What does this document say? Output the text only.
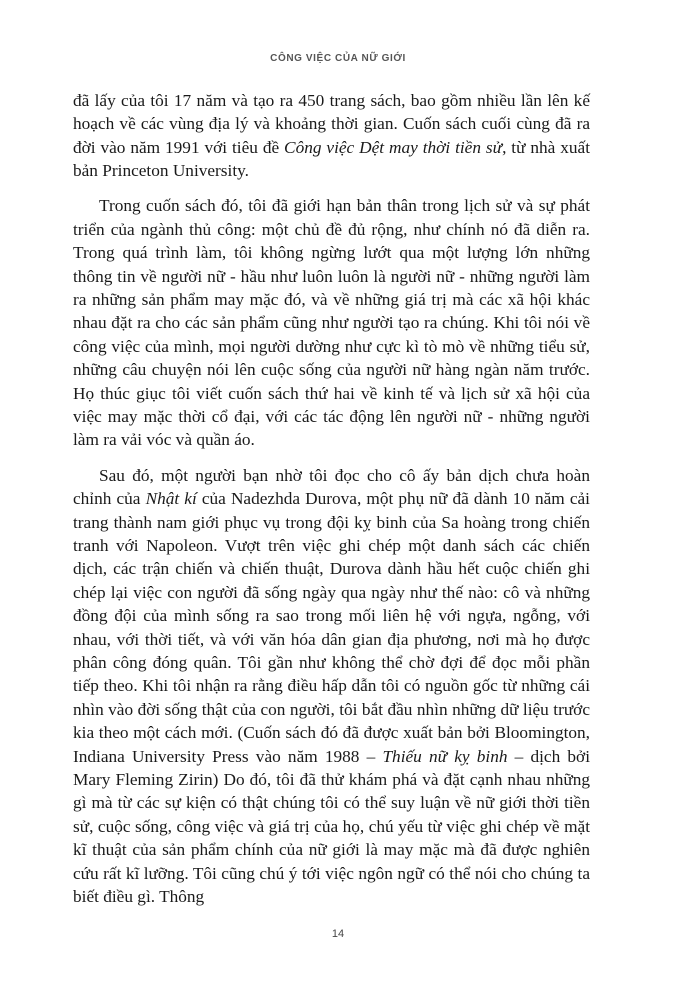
CÔNG VIỆC CỦA NỮ GIỚI

đã lấy của tôi 17 năm và tạo ra 450 trang sách, bao gồm nhiều lần lên kế hoạch về các vùng địa lý và khoảng thời gian. Cuốn sách cuối cùng đã ra đời vào năm 1991 với tiêu đề Công việc Dệt may thời tiền sử, từ nhà xuất bản Princeton University.

Trong cuốn sách đó, tôi đã giới hạn bản thân trong lịch sử và sự phát triển của ngành thủ công: một chủ đề đủ rộng, như chính nó đã diễn ra. Trong quá trình làm, tôi không ngừng lướt qua một lượng lớn những thông tin về người nữ - hầu như luôn luôn là người nữ - những người làm ra những sản phẩm may mặc đó, và về những giá trị mà các xã hội khác nhau đặt ra cho các sản phẩm cũng như người tạo ra chúng. Khi tôi nói về công việc của mình, mọi người dường như cực kì tò mò về những tiểu sử, những câu chuyện nói lên cuộc sống của người nữ hàng ngàn năm trước. Họ thúc giục tôi viết cuốn sách thứ hai về kinh tế và lịch sử xã hội của việc may mặc thời cổ đại, với các tác động lên người nữ - những người làm ra vải vóc và quần áo.

Sau đó, một người bạn nhờ tôi đọc cho cô ấy bản dịch chưa hoàn chỉnh của Nhật kí của Nadezhda Durova, một phụ nữ đã dành 10 năm cải trang thành nam giới phục vụ trong đội kỵ binh của Sa hoàng trong chiến tranh với Napoleon. Vượt trên việc ghi chép một danh sách các chiến dịch, các trận chiến và chiến thuật, Durova dành hầu hết cuộc chiến ghi chép lại việc con người đã sống ngày qua ngày như thế nào: cô và những đồng đội của mình sống ra sao trong mối liên hệ với ngựa, ngỗng, với nhau, với thời tiết, và với văn hóa dân gian địa phương, nơi mà họ được phân công đóng quân. Tôi gần như không thể chờ đợi để đọc mỗi phần tiếp theo. Khi tôi nhận ra rằng điều hấp dẫn tôi có nguồn gốc từ những cái nhìn vào đời sống thật của con người, tôi bắt đầu nhìn những dữ liệu trước kia theo một cách mới. (Cuốn sách đó đã được xuất bản bởi Bloomington, Indiana University Press vào năm 1988 – Thiếu nữ kỵ binh – dịch bởi Mary Fleming Zirin) Do đó, tôi đã thử khám phá và đặt cạnh nhau những gì mà từ các sự kiện có thật chúng tôi có thể suy luận về nữ giới thời tiền sử, cuộc sống, công việc và giá trị của họ, chú yếu từ việc ghi chép về mặt kĩ thuật của sản phẩm chính của nữ giới là may mặc mà đã được nghiên cứu rất kĩ lưỡng. Tôi cũng chú ý tới việc ngôn ngữ có thể nói cho chúng ta biết điều gì. Thông

14
